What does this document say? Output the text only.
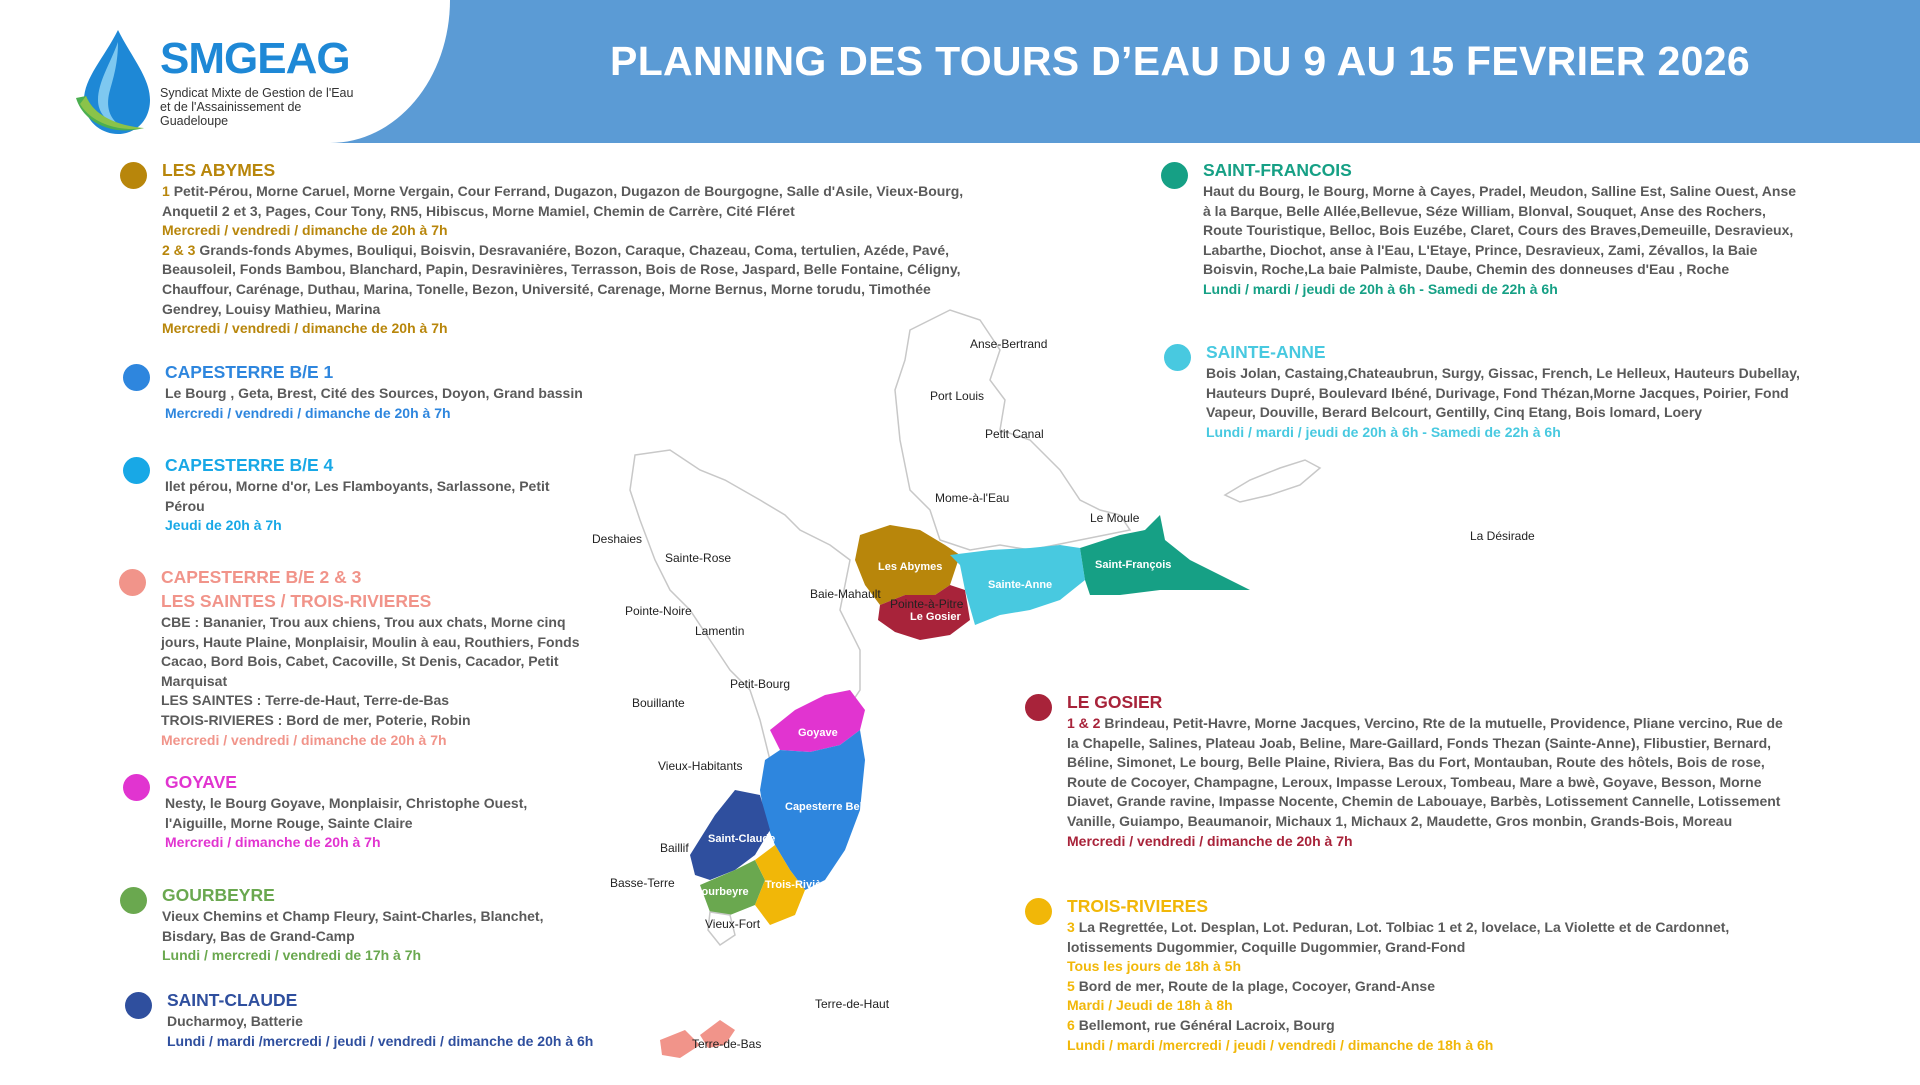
SMGEAG
Syndicat Mixte de Gestion de l'Eau et de l'Assainissement de Guadeloupe
PLANNING DES TOURS D’EAU DU 9 AU 15 FEVRIER 2026
Anse-Bertrand
Port Louis
Petit Canal
Mome-à-l'Eau
Le Moule
La Désirade
Deshaies
Sainte-Rose
Baie-Mahault
Pointe-Noire
Lamentin
Pointe-à-Pitre
Petit-Bourg
Bouillante
Vieux-Habitants
Baillif
Basse-Terre
Vieux-Fort
Terre-de-Haut
Terre-de-Bas
Les Abymes
Sainte-Anne
Saint-François
Le Gosier
Goyave
Capesterre Belle-Eau
Saint-Claude
Gourbeyre
Trois-Rivières
LES ABYMES
1 Petit-Pérou, Morne Caruel, Morne Vergain, Cour Ferrand, Dugazon, Dugazon de Bourgogne, Salle d'Asile, Vieux-Bourg, Anquetil 2 et 3, Pages, Cour Tony, RN5, Hibiscus, Morne Mamiel, Chemin de Carrère, Cité Fléret
Mercredi / vendredi / dimanche de 20h à 7h
2 & 3 Grands-fonds Abymes, Bouliqui, Boisvin, Desravaniére, Bozon, Caraque, Chazeau, Coma, tertulien, Azéde, Pavé, Beausoleil, Fonds Bambou, Blanchard, Papin, Desravinières, Terrasson, Bois de Rose, Jaspard, Belle Fontaine, Céligny, Chauffour, Carénage, Duthau, Marina, Tonelle, Bezon, Université, Carenage, Morne Bernus, Morne torudu, Timothée Gendrey, Louisy Mathieu, Marina
Mercredi / vendredi / dimanche de 20h à 7h
CAPESTERRE B/E 1
Le Bourg , Geta, Brest, Cité des Sources, Doyon, Grand bassin
Mercredi / vendredi / dimanche de 20h à 7h
CAPESTERRE B/E 4
Ilet pérou, Morne d'or, Les Flamboyants, Sarlassone, Petit Pérou
Jeudi de 20h à 7h
CAPESTERRE B/E 2 & 3
LES SAINTES / TROIS-RIVIERES
CBE : Bananier, Trou aux chiens, Trou aux chats, Morne cinq jours, Haute Plaine, Monplaisir, Moulin à eau, Routhiers, Fonds Cacao, Bord Bois, Cabet, Cacoville, St Denis, Cacador, Petit Marquisat
LES SAINTES : Terre-de-Haut, Terre-de-Bas
TROIS-RIVIERES : Bord de mer, Poterie, Robin
Mercredi / vendredi / dimanche de 20h à 7h
GOYAVE
Nesty, le Bourg Goyave, Monplaisir, Christophe Ouest, l'Aiguille, Morne Rouge, Sainte Claire
Mercredi / dimanche de 20h à 7h
GOURBEYRE
Vieux Chemins et Champ Fleury, Saint-Charles, Blanchet, Bisdary, Bas de Grand-Camp
Lundi / mercredi / vendredi de 17h à 7h
SAINT-CLAUDE
Ducharmoy, Batterie
Lundi / mardi /mercredi / jeudi / vendredi / dimanche de 20h à 6h
SAINT-FRANCOIS
Haut du Bourg, le Bourg, Morne à Cayes, Pradel, Meudon, Salline Est, Saline Ouest, Anse à la Barque, Belle Allée,Bellevue, Séze William, Blonval, Souquet, Anse des Rochers, Route Touristique, Belloc, Bois Euzébe, Claret, Cours des Braves,Demeuille, Desravieux, Labarthe, Diochot, anse à l'Eau, L'Etaye, Prince, Desravieux, Zami, Zévallos, la Baie Boisvin, Roche,La baie Palmiste, Daube, Chemin des donneuses d'Eau , Roche
Lundi / mardi / jeudi de 20h à 6h - Samedi de 22h à 6h
SAINTE-ANNE
Bois Jolan, Castaing,Chateaubrun, Surgy, Gissac, French, Le Helleux, Hauteurs Dubellay, Hauteurs Dupré, Boulevard Ibéné, Durivage, Fond Thézan,Morne Jacques, Poirier, Fond Vapeur, Douville, Berard Belcourt, Gentilly, Cinq Etang, Bois lomard, Loery
Lundi / mardi / jeudi de 20h à 6h - Samedi de 22h à 6h
LE GOSIER
1 & 2 Brindeau, Petit-Havre, Morne Jacques, Vercino, Rte de la mutuelle, Providence, Pliane vercino, Rue de la Chapelle, Salines, Plateau Joab, Beline, Mare-Gaillard, Fonds Thezan (Sainte-Anne), Flibustier, Bernard, Béline, Simonet, Le bourg, Belle Plaine, Riviera, Bas du Fort, Montauban, Route des hôtels, Bois de rose, Route de Cocoyer, Champagne, Leroux, Impasse Leroux, Tombeau, Mare a bwè, Goyave, Besson, Morne Diavet, Grande ravine, Impasse Nocente, Chemin de Labouaye, Barbès, Lotissement Cannelle, Lotissement Vanille, Guiampo, Beaumanoir, Michaux 1, Michaux 2, Maudette, Gros monbin, Grands-Bois, Moreau
Mercredi / vendredi / dimanche de 20h à 7h
TROIS-RIVIERES
3 La Regrettée, Lot. Desplan, Lot. Peduran, Lot. Tolbiac 1 et 2, lovelace, La Violette et de Cardonnet, lotissements Dugommier, Coquille Dugommier, Grand-Fond
Tous les jours de 18h à 5h
5 Bord de mer, Route de la plage, Cocoyer, Grand-Anse
Mardi / Jeudi de 18h à 8h
6 Bellemont, rue Général Lacroix, Bourg
Lundi / mardi /mercredi / jeudi / vendredi / dimanche de 18h à 6h
